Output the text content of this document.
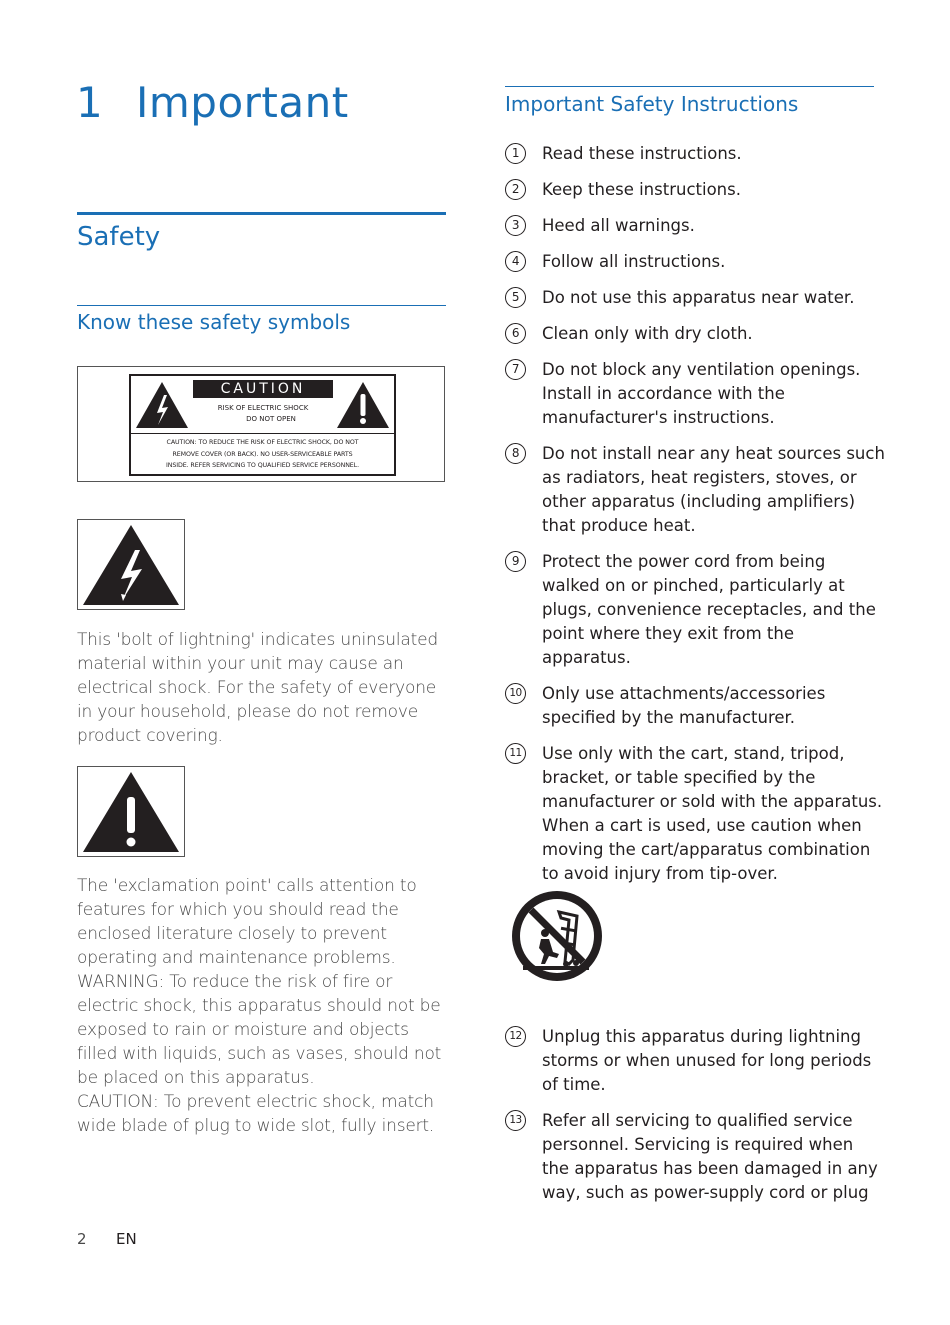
1 Important
Safety
Know these safety symbols
Important Safety Instructions
CAUTION
RISK OF ELECTRIC SHOCK
DO NOT OPEN
CAUTION: TO REDUCE THE RISK OF ELECTRIC SHOCK, DO NOT
REMOVE COVER (OR BACK). NO USER-SERVICEABLE PARTS
INSIDE. REFER SERVICING TO QUALIFIED SERVICE PERSONNEL.

This 'bolt of lightning' indicates uninsulated material within your unit may cause an electrical shock. For the safety of everyone in your household, please do not remove product covering.

The 'exclamation point' calls attention to features for which you should read the enclosed literature closely to prevent operating and maintenance problems.
WARNING: To reduce the risk of fire or electric shock, this apparatus should not be exposed to rain or moisture and objects filled with liquids, such as vases, should not be placed on this apparatus.
CAUTION: To prevent electric shock, match wide blade of plug to wide slot, fully insert.

1	Read these instructions.
2	Keep these instructions.
3	Heed all warnings.
4	Follow all instructions.
5	Do not use this apparatus near water.
6	Clean only with dry cloth.
7	Do not block any ventilation openings. Install in accordance with the manufacturer's instructions.
8	Do not install near any heat sources such as radiators, heat registers, stoves, or other apparatus (including amplifiers) that produce heat.
9	Protect the power cord from being walked on or pinched, particularly at plugs, convenience receptacles, and the point where they exit from the apparatus.
10 Only use attachments/accessories specified by the manufacturer.
11 Use only with the cart, stand, tripod, bracket, or table specified by the manufacturer or sold with the apparatus. When a cart is used, use caution when moving the cart/apparatus combination to avoid injury from tip-over.
12 Unplug this apparatus during lightning storms or when unused for long periods of time.
13 Refer all servicing to qualified service personnel. Servicing is required when the apparatus has been damaged in any way, such as power-supply cord or plug
2 EN
